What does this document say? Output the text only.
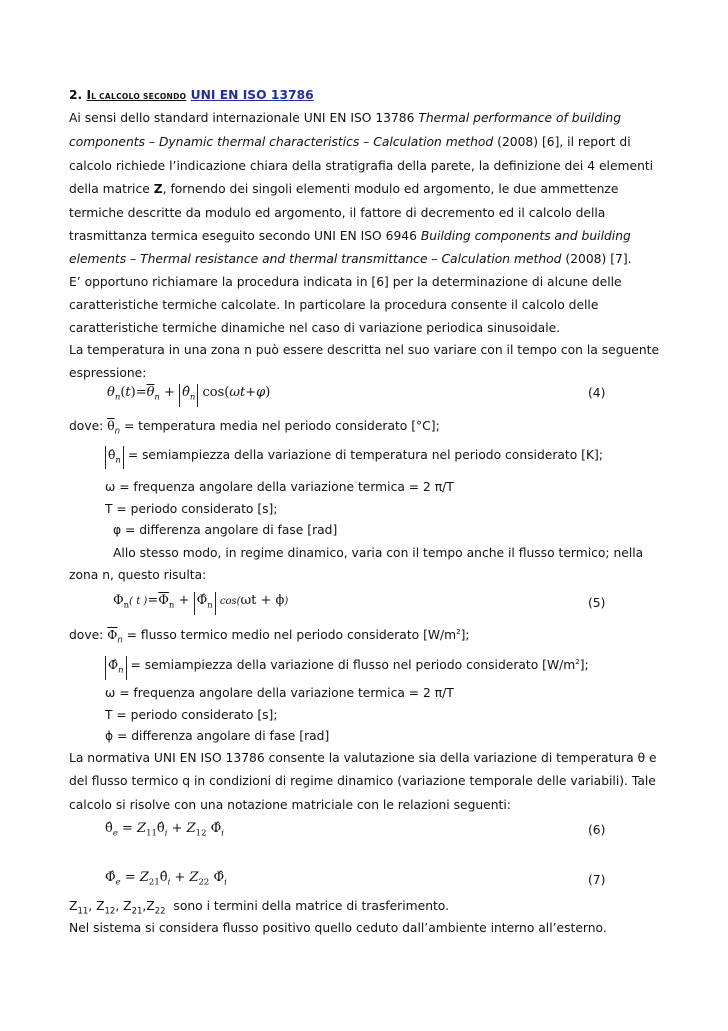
2. IL CALCOLO SECONDO UNI EN ISO 13786
Ai sensi dello standard internazionale UNI EN ISO 13786 Thermal performance of building
components – Dynamic thermal characteristics – Calculation method (2008) [6], il report di
calcolo richiede l’indicazione chiara della stratigrafia della parete, la definizione dei 4 elementi
della matrice Z, fornendo dei singoli elementi modulo ed argomento, le due ammettenze
termiche descritte da modulo ed argomento, il fattore di decremento ed il calcolo della
trasmittanza termica eseguito secondo UNI EN ISO 6946 Building components and building
elements – Thermal resistance and thermal transmittance – Calculation method (2008) [7].
E’ opportuno richiamare la procedura indicata in [6] per la determinazione di alcune delle
caratteristiche termiche calcolate. In particolare la procedura consente il calcolo delle
caratteristiche termiche dinamiche nel caso di variazione periodica sinusoidale.
La temperatura in una zona n può essere descritta nel suo variare con il tempo con la seguente
espressione:
$\theta_n(t)=\overline{\theta}_n$ + $\thetâ_n$ cos(ωt+φ)	(4)
dove: $\overline{\theta}_n$ = temperatura media nel periodo considerato [°C];
$\thetâ_n$ = semiampiezza della variazione di temperatura nel periodo considerato [K];
ω = frequenza angolare della variazione termica = 2 π/T
T = periodo considerato [s];
φ = differenza angolare di fase [rad]
Allo stesso modo, in regime dinamico, varia con il tempo anche il flusso termico; nella
zona n, questo risulta:
$\Phi_n$( t )$=\overline{\Phi}_n$ + $\Phî_n$ cos(ωt + ϕ)	(5)
dove: $\overline{\Phi}_n$ = flusso termico medio nel periodo considerato $[W/m^2]$;
$\Phî_n$ = semiampiezza della variazione di flusso nel periodo considerato $[W/m^2]$;
ω = frequenza angolare della variazione termica = 2 π/T
T = periodo considerato [s];
ϕ = differenza angolare di fase [rad]
La normativa UNI EN ISO 13786 consente la valutazione sia della variazione di temperatura θ e
del flusso termico q in condizioni di regime dinamico (variazione temporale delle variabili). Tale
calcolo si risolve con una notazione matriciale con le relazioni seguenti:
$\thetâ_e$ = $Z_{11}\thetâ_i + Z_{12}$ $\Phî_i$	(6)
$\Phî_e$ = $Z_{21}\thetâ_i + Z_{22}$ $\Phî_i$	(7)
$Z_{11}$, $Z_{12}$, $Z_{21},Z_{22}$ sono i termini della matrice di trasferimento.
Nel sistema si considera flusso positivo quello ceduto dall’ambiente interno all’esterno.
